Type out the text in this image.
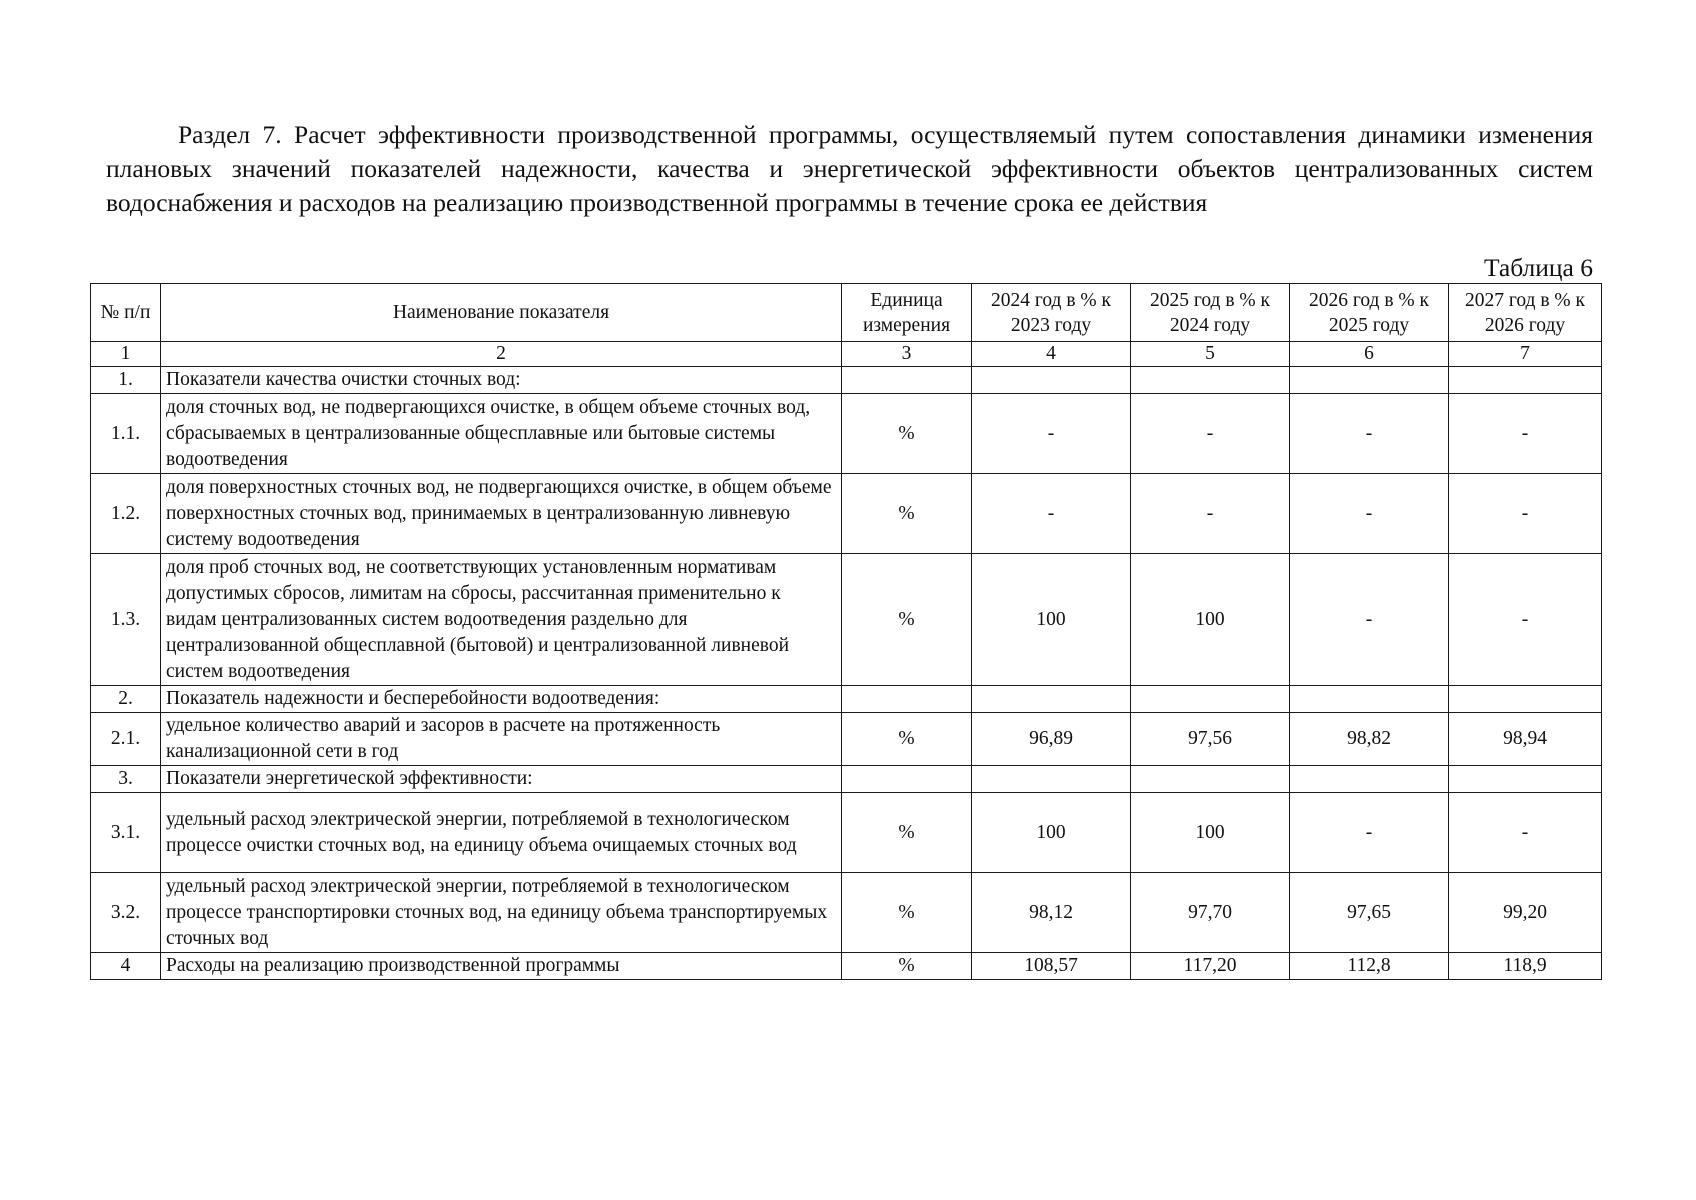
Раздел 7. Расчет эффективности производственной программы, осуществляемый путем сопоставления динамики изменения плановых значений показателей надежности, качества и энергетической эффективности объектов централизованных систем водоснабжения и расходов на реализацию производственной программы в течение срока ее действия

Таблица 6
№ п/п	Наименование показателя	Единица измерения	2024 год в % к 2023 году	2025 год в % к 2024 году	2026 год в % к 2025 году	2027 год в % к 2026 году
1	2	3	4	5	6	7
1.	Показатели качества очистки сточных вод:					
1.1.	доля сточных вод, не подвергающихся очистке, в общем объеме сточных вод, сбрасываемых в централизованные общесплавные или бытовые системы водоотведения	%	-	-	-	-
1.2.	доля поверхностных сточных вод, не подвергающихся очистке, в общем объеме поверхностных сточных вод, принимаемых в централизованную ливневую систему водоотведения	%	-	-	-	-
1.3.	доля проб сточных вод, не соответствующих установленным нормативам допустимых сбросов, лимитам на сбросы, рассчитанная применительно к видам централизованных систем водоотведения раздельно для централизованной общесплавной (бытовой) и централизованной ливневой систем водоотведения	%	100	100	-	-
2.	Показатель надежности и бесперебойности водоотведения:					
2.1.	удельное количество аварий и засоров в расчете на протяженность канализационной сети в год	%	96,89	97,56	98,82	98,94
3.	Показатели энергетической эффективности:					
3.1.	удельный расход электрической энергии, потребляемой в технологическом процессе очистки сточных вод, на единицу объема очищаемых сточных вод	%	100	100	-	-
3.2.	удельный расход электрической энергии, потребляемой в технологическом процессе транспортировки сточных вод, на единицу объема транспортируемых сточных вод	%	98,12	97,70	97,65	99,20
4	Расходы на реализацию производственной программы	%	108,57	117,20	112,8	118,9
